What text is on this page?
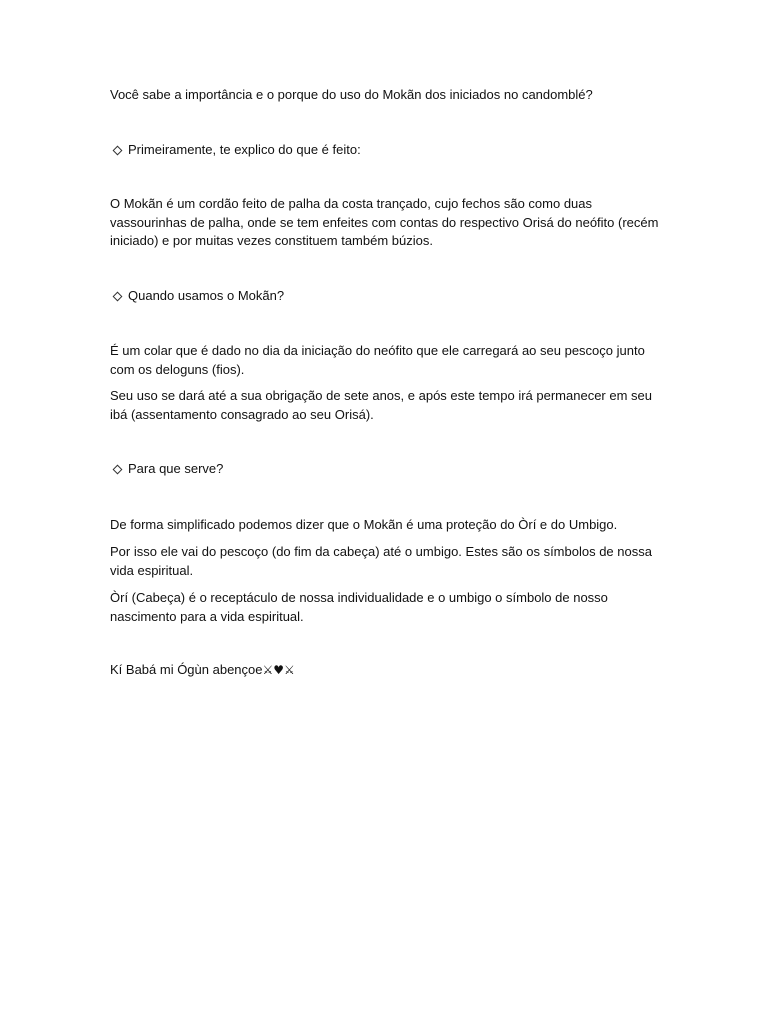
Você sabe a importância e o porque do uso do Mokãn dos iniciados no candomblé?
Primeiramente, te explico do que é feito:
O Mokãn é um cordão feito de palha da costa trançado, cujo fechos são como duas
vassourinhas de palha, onde se tem enfeites com contas do respectivo Orisá do neófito (recém
iniciado) e por muitas vezes constituem também búzios.
Quando usamos o Mokãn?
É um colar que é dado no dia da iniciação do neófito que ele carregará ao seu pescoço junto
com os deloguns (fios).
Seu uso se dará até a sua obrigação de sete anos, e após este tempo irá permanecer em seu
ibá (assentamento consagrado ao seu Orisá).
Para que serve?
De forma simplificado podemos dizer que o Mokãn é uma proteção do Òrí e do Umbigo.
Por isso ele vai do pescoço (do fim da cabeça) até o umbigo. Estes são os símbolos de nossa
vida espiritual.
Òrí (Cabeça) é o receptáculo de nossa individualidade e o umbigo o símbolo de nosso
nascimento para a vida espiritual.
Kí Babá mi Ógùn abençoe ⚔ ♥ ⚔
